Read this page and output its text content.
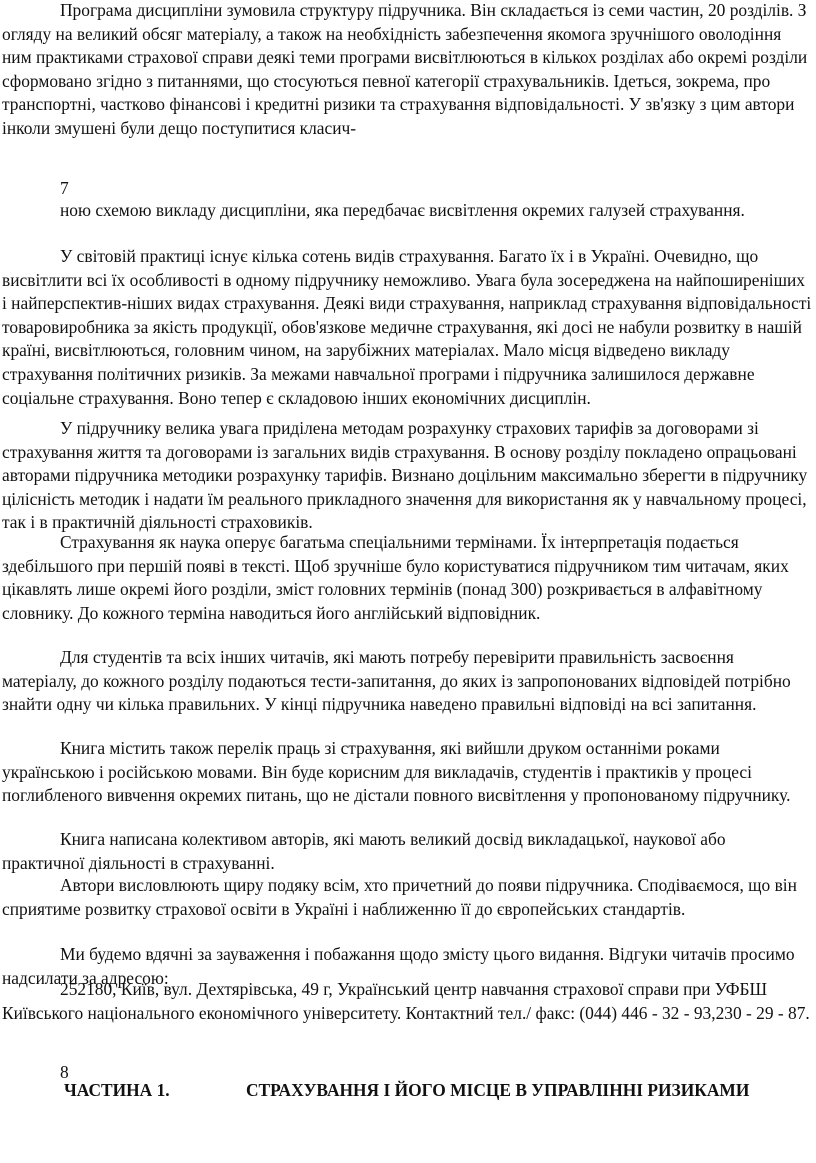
Програма дисципліни зумовила структуру підручника. Він складається із семи частин, 20 розділів. З огляду на великий обсяг матеріалу, а також на необхідність забезпечення якомога зручнішого оволодіння ним практиками страхової справи деякі теми програми висвітлюються в кількох розділах або окремі розділи сформовано згідно з питаннями, що стосуються певної категорії страхувальників. Ідеться, зокрема, про транспортні, частково фінансові і кредитні ризики та страхування відповідальності. У зв'язку з цим автори інколи змушені були дещо поступитися класич-

7

ною схемою викладу дисципліни, яка передбачає висвітлення окремих галузей страхування.

У світовій практиці існує кілька сотень видів страхування. Багато їх і в Україні. Очевидно, що висвітлити всі їх особливості в одному підручнику неможливо. Увага була зосереджена на найпоширеніших і найперспектив-ніших видах страхування. Деякі види страхування, наприклад страхування відповідальності товаровиробника за якість продукції, обов'язкове медичне страхування, які досі не набули розвитку в нашій країні, висвітлюються, головним чином, на зарубіжних матеріалах. Мало місця відведено викладу страхування політичних ризиків. За межами навчальної програми і підручника залишилося державне соціальне страхування. Воно тепер є складовою інших економічних дисциплін.

У підручнику велика увага приділена методам розрахунку страхових тарифів за договорами зі страхування життя та договорами із загальних видів страхування. В основу розділу покладено опрацьовані авторами підручника методики розрахунку тарифів. Визнано доцільним максимально зберегти в підручнику цілісність методик і надати їм реального прикладного значення для використання як у навчальному процесі, так і в практичній діяльності страховиків.

Страхування як наука оперує багатьма спеціальними термінами. Їх інтерпретація подається здебільшого при першій появі в тексті. Щоб зручніше було користуватися підручником тим читачам, яких цікавлять лише окремі його розділи, зміст головних термінів (понад 300) розкривається в алфавітному словнику. До кожного терміна наводиться його англійський відповідник.

Для студентів та всіх інших читачів, які мають потребу перевірити правильність засвоєння матеріалу, до кожного розділу подаються тести-запитання, до яких із запропонованих відповідей потрібно знайти одну чи кілька правильних. У кінці підручника наведено правильні відповіді на всі запитання.

Книга містить також перелік праць зі страхування, які вийшли друком останніми роками українською і російською мовами. Він буде корисним для викладачів, студентів і практиків у процесі поглибленого вивчення окремих питань, що не дістали повного висвітлення у пропонованому підручнику.

Книга написана колективом авторів, які мають великий досвід викладацької, наукової або практичної діяльності в страхуванні.

Автори висловлюють щиру подяку всім, хто причетний до появи підручника. Сподіваємося, що він сприятиме розвитку страхової освіти в Україні і наближенню її до європейських стандартів.

Ми будемо вдячні за зауваження і побажання щодо змісту цього видання. Відгуки читачів просимо надсилати за адресою:

252180, Київ, вул. Дехтярівська, 49 г, Український центр навчання страхової справи при УФБШ Київського національного економічного університету. Контактний тел./ факс: (044) 446 - 32 - 93,230 - 29 - 87.

8
ЧАСТИНА 1.	СТРАХУВАННЯ І ЙОГО МІСЦЕ В УПРАВЛІННІ РИЗИКАМИ
